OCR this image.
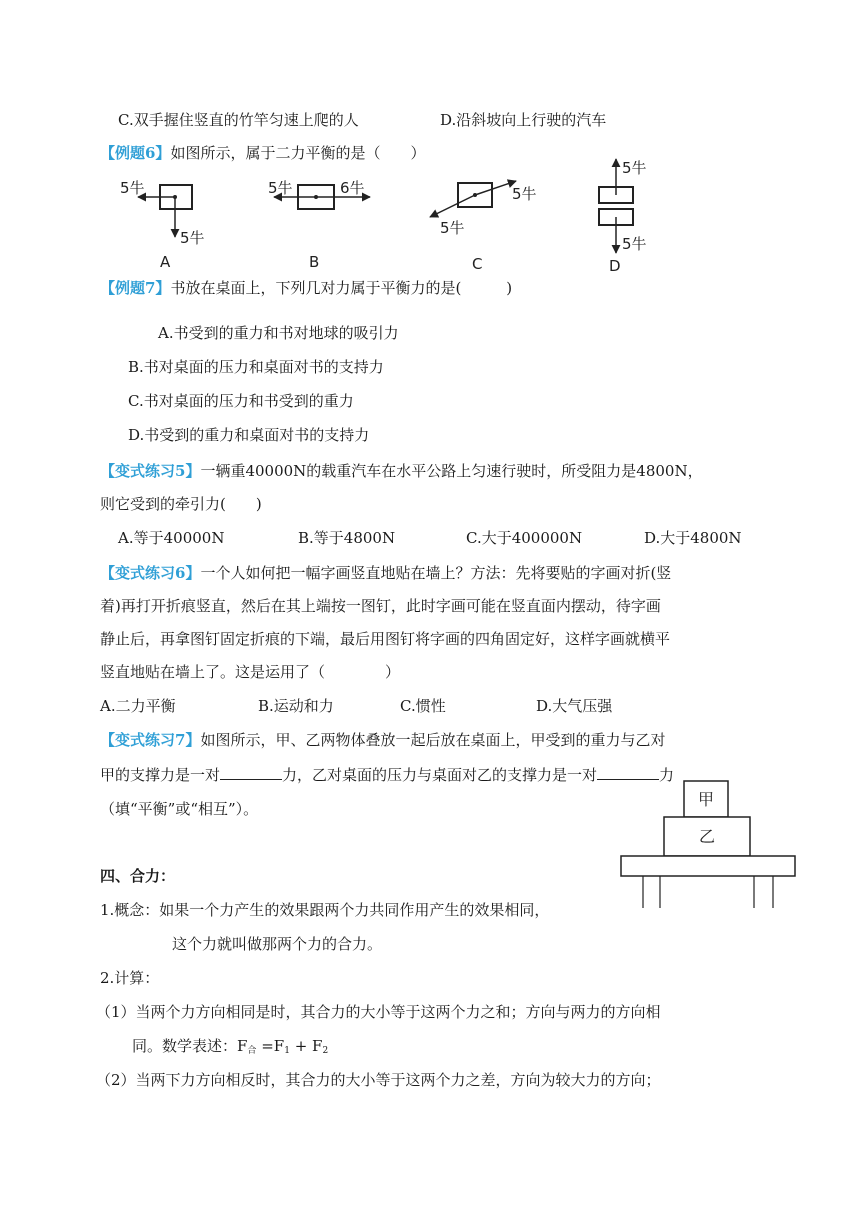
C.双手握住竖直的竹竿匀速上爬的人	D.沿斜坡向上行驶的汽车
【例题6】如图所示，属于二力平衡的是（　　）
5牛
5牛
A
5牛	6牛
B
5牛
5牛
C
5牛
5牛
D
【例题7】书放在桌面上，下列几对力属于平衡力的是(　　　)
A.书受到的重力和书对地球的吸引力
B.书对桌面的压力和桌面对书的支持力
C.书对桌面的压力和书受到的重力
D.书受到的重力和桌面对书的支持力
【变式练习5】一辆重40000N的载重汽车在水平公路上匀速行驶时，所受阻力是4800N，
则它受到的牵引力(　　)
A.等于40000N	B.等于4800N	C.大于400000N	D.大于4800N
【变式练习6】一个人如何把一幅字画竖直地贴在墙上？方法：先将要贴的字画对折(竖
着)再打开折痕竖直，然后在其上端按一图钉，此时字画可能在竖直面内摆动，待字画
静止后，再拿图钉固定折痕的下端，最后用图钉将字画的四角固定好，这样字画就横平
竖直地贴在墙上了。这是运用了（　　　　）
A.二力平衡	B.运动和力	C.惯性	D.大气压强
【变式练习7】如图所示，甲、乙两物体叠放一起后放在桌面上，甲受到的重力与乙对
甲的支撑力是一对	力，乙对桌面的压力与桌面对乙的支撑力是一对	力
（填“平衡”或“相互”）。	甲
乙
四、合力：
1.概念：如果一个力产生的效果跟两个力共同作用产生的效果相同，
这个力就叫做那两个力的合力。
2.计算：
（1）当两个力方向相同是时，其合力的大小等于这两个力之和；方向与两力的方向相
同。数学表述：$F_合 =F_1 + F_2$
（2）当两下力方向相反时，其合力的大小等于这两个力之差，方向为较大力的方向；
